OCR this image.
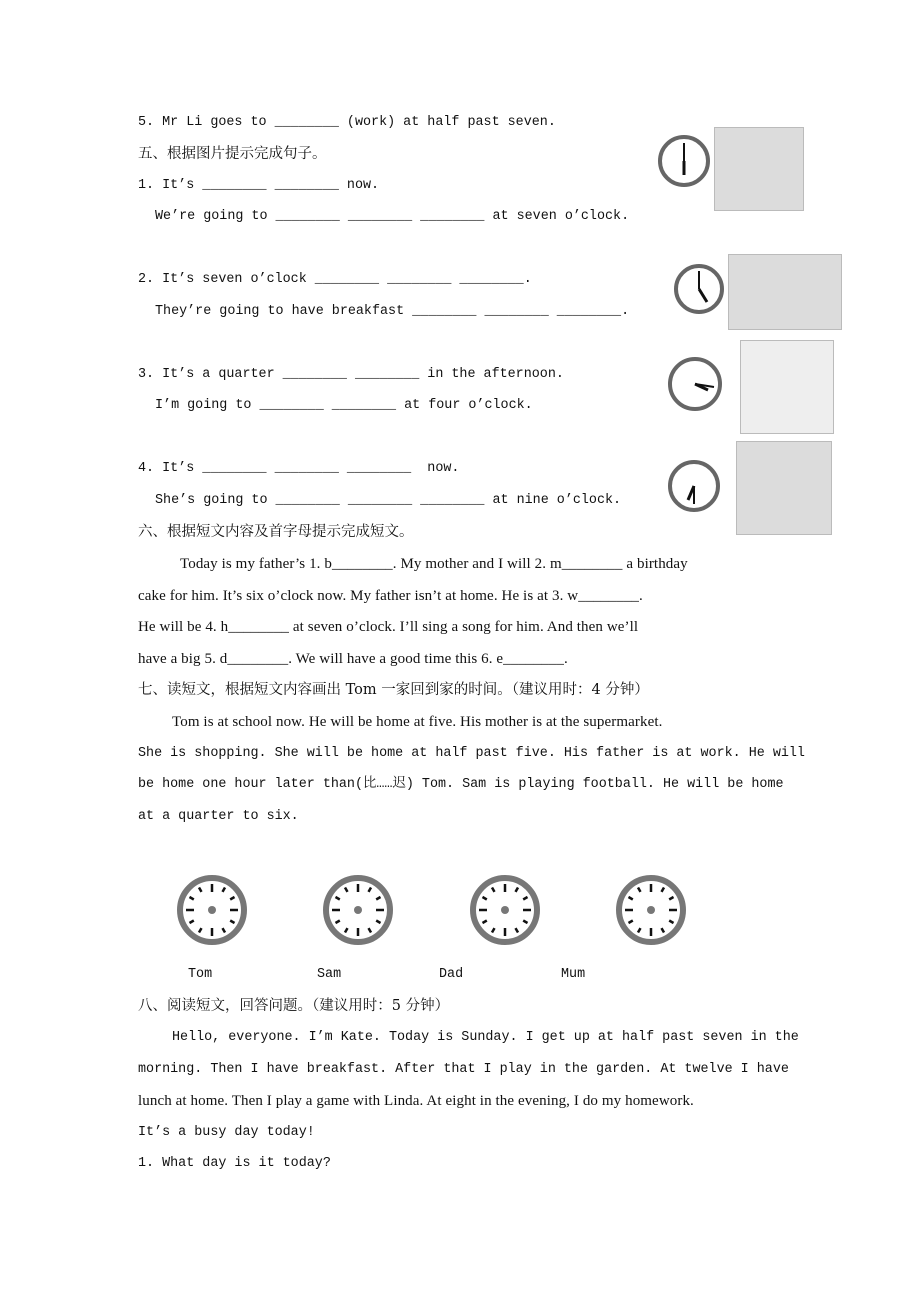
5. Mr Li goes to ________ (work) at half past seven.
五、根据图片提示完成句子。
1. It’s ________ ________ now.
We’re going to ________ ________ ________ at seven o’clock.
2. It’s seven o’clock ________ ________ ________.
They’re going to have breakfast ________ ________ ________.
3. It’s a quarter ________ ________ in the afternoon.
I’m going to ________ ________ at four o’clock.
4. It’s ________ ________ ________  now.
She’s going to ________ ________ ________ at nine o’clock.
六、根据短文内容及首字母提示完成短文。
Today is my father’s 1. b________. My mother and I will 2. m________ a birthday
cake for him. It’s six o’clock now. My father isn’t at home. He is at 3. w________.
He will be 4. h________ at seven o’clock. I’ll sing a song for him. And then we’ll
have a big 5. d________. We will have a good time this 6. e________.
七、读短文，根据短文内容画出 Tom 一家回到家的时间。（建议用时：4 分钟）
Tom is at school now. He will be home at five. His mother is at the supermarket.
She is shopping. She will be home at half past five. His father is at work. He will
be home one hour later than(比……迟) Tom. Sam is playing football. He will be home
at a quarter to six.
Tom	Sam	Dad	Mum
八、阅读短文，回答问题。（建议用时：5 分钟）
Hello, everyone. I’m Kate. Today is Sunday. I get up at half past seven in the
morning. Then I have breakfast. After that I play in the garden. At twelve I have
lunch at home. Then I play a game with Linda. At eight in the evening, I do my homework.
It’s a busy day today!
1. What day is it today?
